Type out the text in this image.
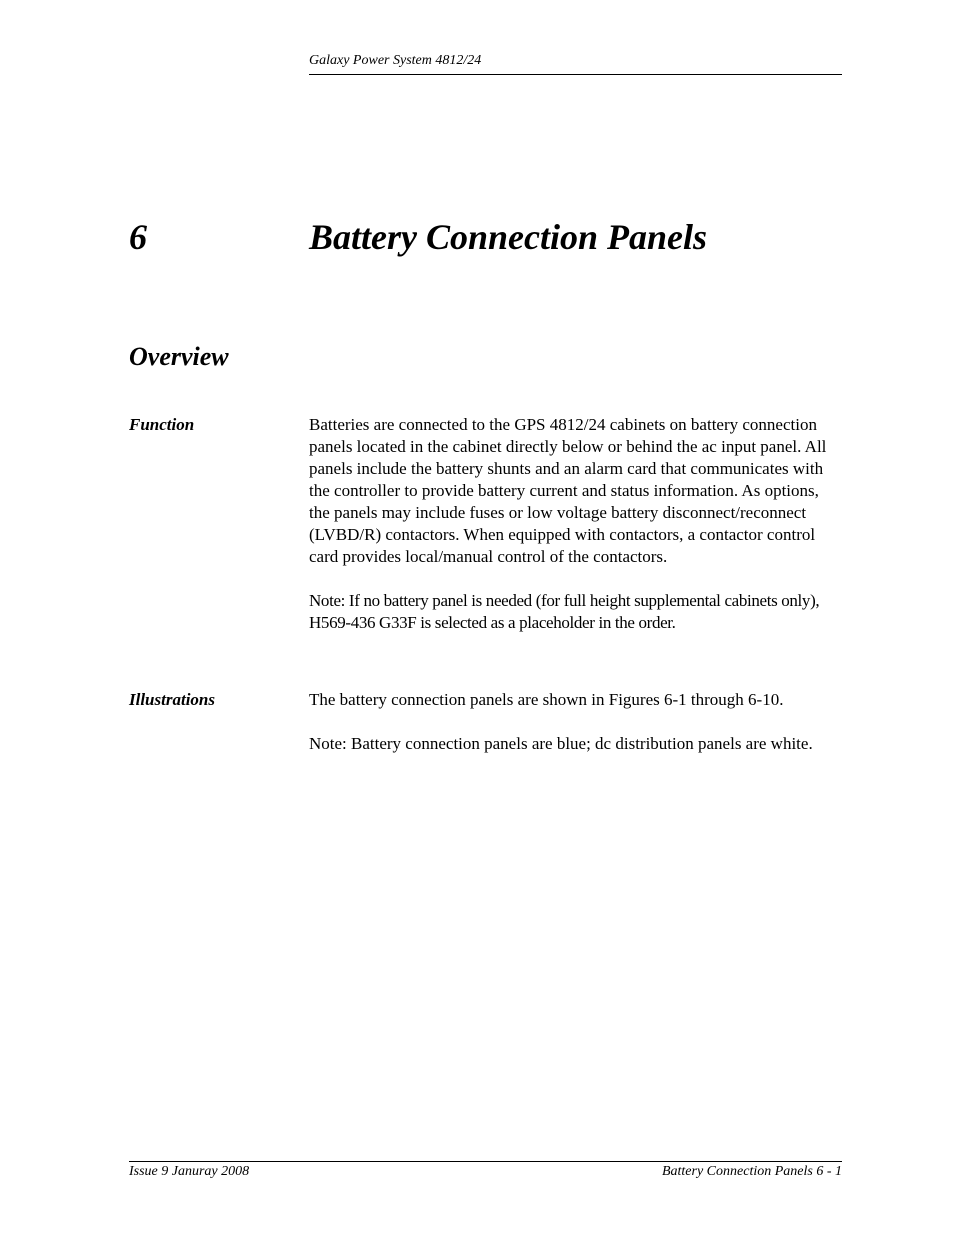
Galaxy Power System 4812/24
6	Battery Connection Panels
Overview
Function	Batteries are connected to the GPS 4812/24 cabinets on battery connection panels located in the cabinet directly below or behind the ac input panel. All panels include the battery shunts and an alarm card that communicates with the controller to provide battery current and status information. As options, the panels may include fuses or low voltage battery disconnect/reconnect (LVBD/R) contactors. When equipped with contactors, a contactor control card provides local/manual control of the contactors.

Note: If no battery panel is needed (for full height supplemental cabinets only), H569-436 G33F is selected as a placeholder in the order.

Illustrations	The battery connection panels are shown in Figures 6-1 through 6-10.

Note: Battery connection panels are blue; dc distribution panels are white.

Issue 9 Januray 2008	Battery Connection Panels 6 - 1
